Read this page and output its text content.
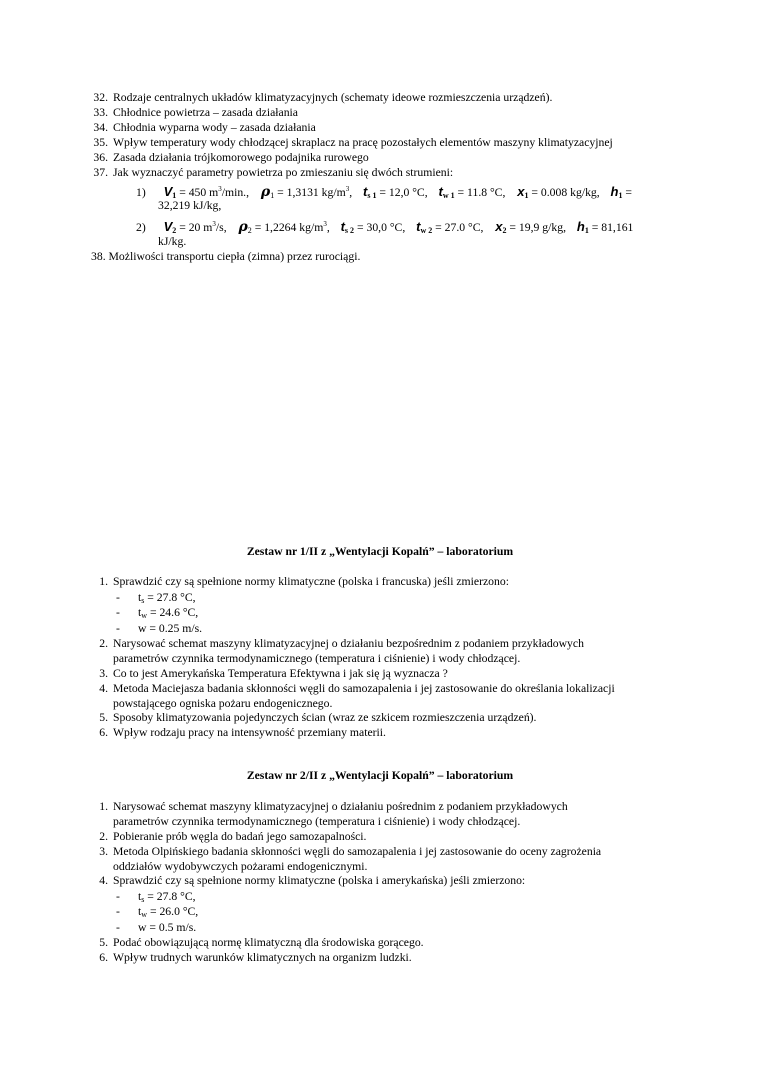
32. Rodzaje centralnych układów klimatyzacyjnych (schematy ideowe rozmieszczenia urządzeń).
33. Chłodnice powietrza – zasada działania
34. Chłodnia wyparna wody – zasada działania
35. Wpływ temperatury wody chłodzącej skraplacz na pracę pozostałych elementów maszyny klimatyzacyjnej
36. Zasada działania trójkomorowego podajnika rurowego
37. Jak wyznaczyć parametry powietrza po zmieszaniu się dwóch strumieni:
1) $V_1 = 450$ $m^3/\min$., $\rho_1 = 1,3131$ $kg/m^3$, $t_{s 1} = 12,0$ °C, $t_{w 1} = 11.8$ °C, $x_1 = 0.008$ kg/kg, $h_1$ =
32,219 kJ/kg,
2) $V_2 = 20$ $m^3/s$, $\rho_2 = 1,2264$ $kg/m^3$, $t_{s 2} = 30,0$ °C, $t_{w 2} = 27.0$ °C, $x_2 = 19,9$ g/kg, $h_1 = 81,161$
kJ/kg.
38. Możliwości transportu ciepła (zimna) przez rurociągi.
Zestaw nr 1/II z „Wentylacji Kopalń” – laboratorium
1. Sprawdzić czy są spełnione normy klimatyczne (polska i francuska) jeśli zmierzono:
- $t_s = 27.8$ °C,
- $t_w = 24.6$ °C,
- w = 0.25 m/s.
2. Narysować schemat maszyny klimatyzacyjnej o działaniu bezpośrednim z podaniem przykładowych
parametrów czynnika termodynamicznego (temperatura i ciśnienie) i wody chłodzącej.
3. Co to jest Amerykańska Temperatura Efektywna i jak się ją wyznacza ?
4. Metoda Maciejasza badania skłonności węgli do samozapalenia i jej zastosowanie do określania lokalizacji
powstającego ogniska pożaru endogenicznego.
5. Sposoby klimatyzowania pojedynczych ścian (wraz ze szkicem rozmieszczenia urządzeń).
6. Wpływ rodzaju pracy na intensywność przemiany materii.
Zestaw nr 2/II z „Wentylacji Kopalń” – laboratorium
1. Narysować schemat maszyny klimatyzacyjnej o działaniu pośrednim z podaniem przykładowych
parametrów czynnika termodynamicznego (temperatura i ciśnienie) i wody chłodzącej.
2. Pobieranie prób węgla do badań jego samozapalności.
3. Metoda Olpińskiego badania skłonności węgli do samozapalenia i jej zastosowanie do oceny zagrożenia
oddziałów wydobywczych pożarami endogenicznymi.
4. Sprawdzić czy są spełnione normy klimatyczne (polska i amerykańska) jeśli zmierzono:
- $t_s = 27.8$ °C,
- $t_w = 26.0$ °C,
- w = 0.5 m/s.
5. Podać obowiązującą normę klimatyczną dla środowiska gorącego.
6. Wpływ trudnych warunków klimatycznych na organizm ludzki.
